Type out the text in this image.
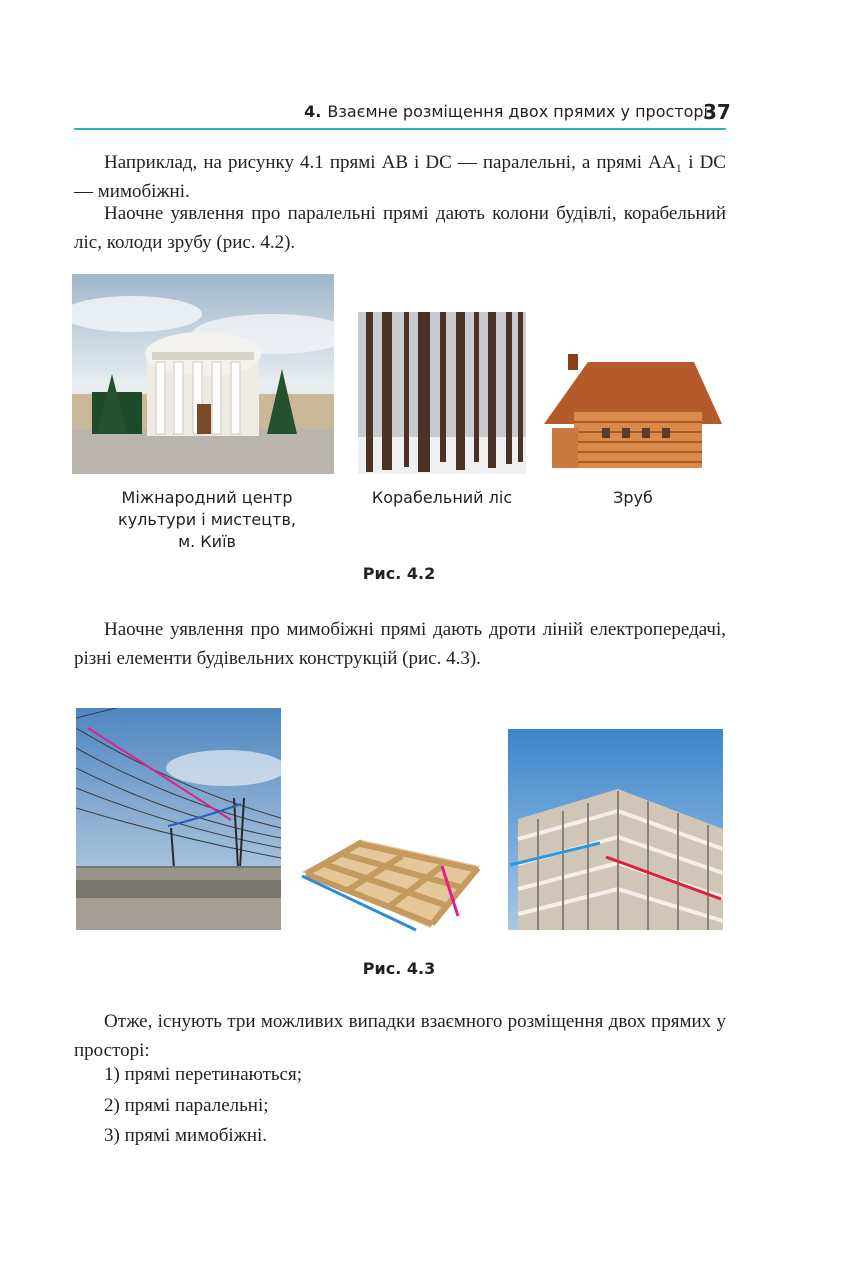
4. Взаємне розміщення двох прямих у просторі
37

Наприклад, на рисунку 4.1 прямі AB і DC — паралельні, а прямі AA₁ і DC — мимобіжні.

Наочне уявлення про паралельні прямі дають колони будівлі, корабельний ліс, колоди зрубу (рис. 4.2).

Міжнародний центр
культури і мистецтв,
м. Київ
Корабельний ліс	Зруб
Рис. 4.2

Наочне уявлення про мимобіжні прямі дають дроти ліній електропередачі, різні елементи будівельних конструкцій (рис. 4.3).

Рис. 4.3

Отже, існують три можливих випадки взаємного розміщення двох прямих у просторі:

1) прямі перетинаються;
2) прямі паралельні;
3) прямі мимобіжні.
